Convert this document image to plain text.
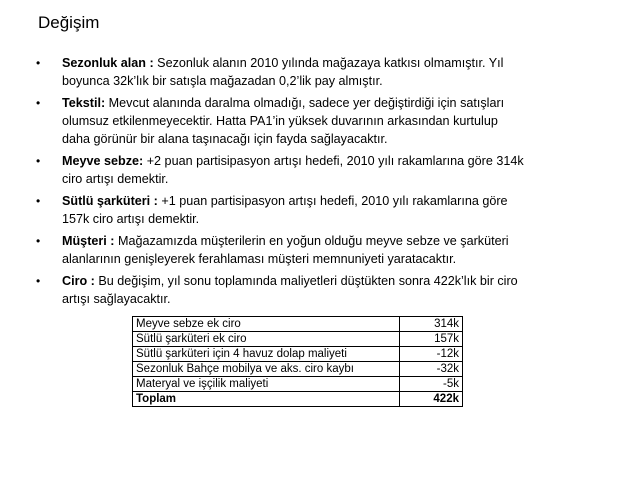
Değişim
• Sezonluk alan : Sezonluk alanın 2010 yılında mağazaya katkısı olmamıştır. Yıl
boyunca 32k’lık bir satışla mağazadan 0,2’lik pay almıştır.
• Tekstil: Mevcut alanında daralma olmadığı, sadece yer değiştirdiği için satışları
olumsuz etkilenmeyecektir. Hatta PA1’in yüksek duvarının arkasından kurtulup
daha görünür bir alana taşınacağı için fayda sağlayacaktır.
• Meyve sebze: +2 puan partisipasyon artışı hedefi, 2010 yılı rakamlarına göre 314k
ciro artışı demektir.
• Sütlü şarküteri : +1 puan partisipasyon artışı hedefi, 2010 yılı rakamlarına göre
157k ciro artışı demektir.
• Müşteri : Mağazamızda müşterilerin en yoğun olduğu meyve sebze ve şarküteri
alanlarının genişleyerek ferahlaması müşteri memnuniyeti yaratacaktır.
• Ciro : Bu değişim, yıl sonu toplamında maliyetleri düştükten sonra 422k’lık bir ciro
artışı sağlayacaktır.
Meyve sebze ek ciro	314k
Sütlü şarküteri ek ciro	157k
Sütlü şarküteri için 4 havuz dolap maliyeti	-12k
Sezonluk Bahçe mobilya ve aks. ciro kaybı	-32k
Materyal ve işçilik maliyeti	-5k
Toplam	422k
